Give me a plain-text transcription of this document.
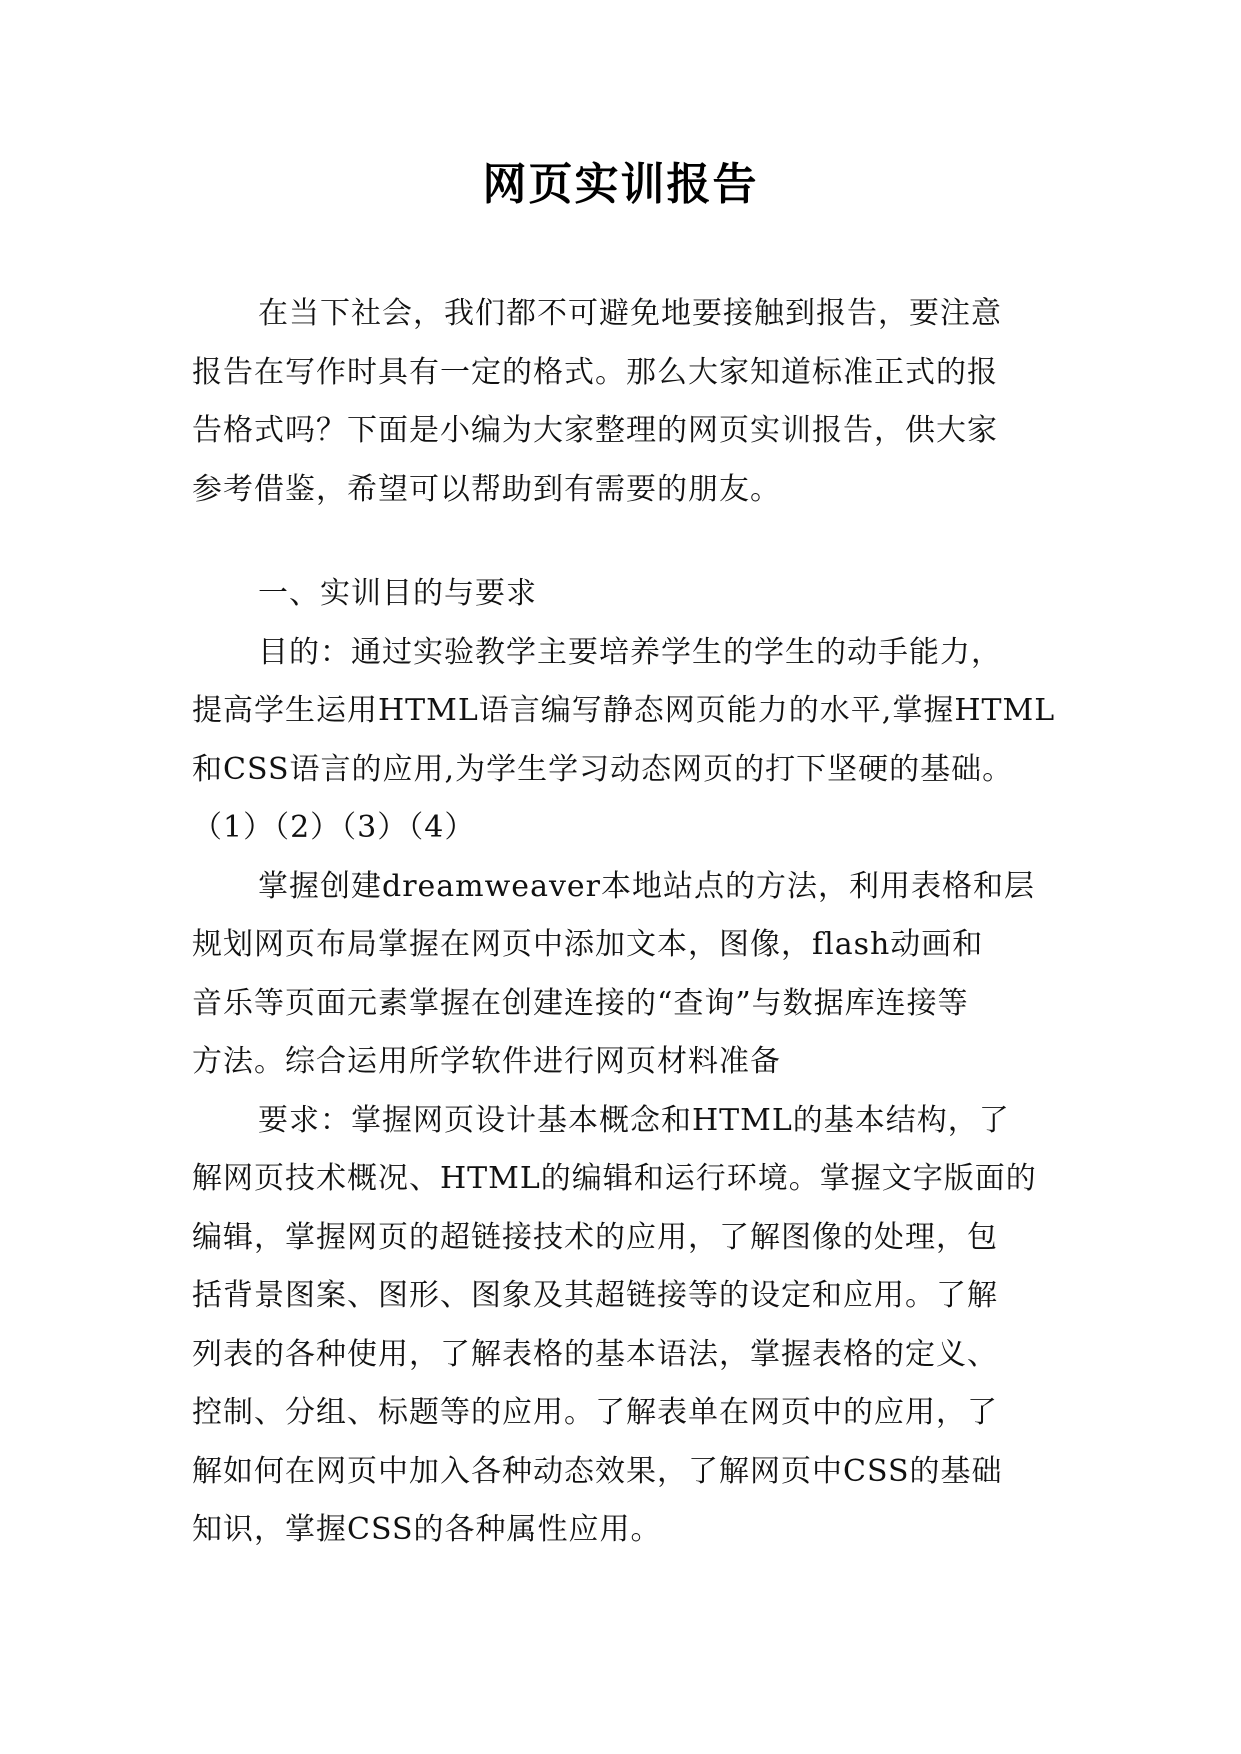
网页实训报告
在当下社会，我们都不可避免地要接触到报告，要注意
报告在写作时具有一定的格式。那么大家知道标准正式的报
告格式吗？下面是小编为大家整理的网页实训报告，供大家
参考借鉴，希望可以帮助到有需要的朋友。
一、实训目的与要求
目的：通过实验教学主要培养学生的学生的动手能力，
提高学生运用HTML语言编写静态网页能力的水平,掌握HTML
和CSS语言的应用,为学生学习动态网页的打下坚硬的基础。
（1）（2）（3）（4）
掌握创建dreamweaver本地站点的方法，利用表格和层
规划网页布局掌握在网页中添加文本，图像，flash动画和
音乐等页面元素掌握在创建连接的“查询”与数据库连接等
方法。综合运用所学软件进行网页材料准备
要求：掌握网页设计基本概念和HTML的基本结构，了
解网页技术概况、HTML的编辑和运行环境。掌握文字版面的
编辑，掌握网页的超链接技术的应用，了解图像的处理，包
括背景图案、图形、图象及其超链接等的设定和应用。了解
列表的各种使用，了解表格的基本语法，掌握表格的定义、
控制、分组、标题等的应用。了解表单在网页中的应用，了
解如何在网页中加入各种动态效果，了解网页中CSS的基础
知识，掌握CSS的各种属性应用。
